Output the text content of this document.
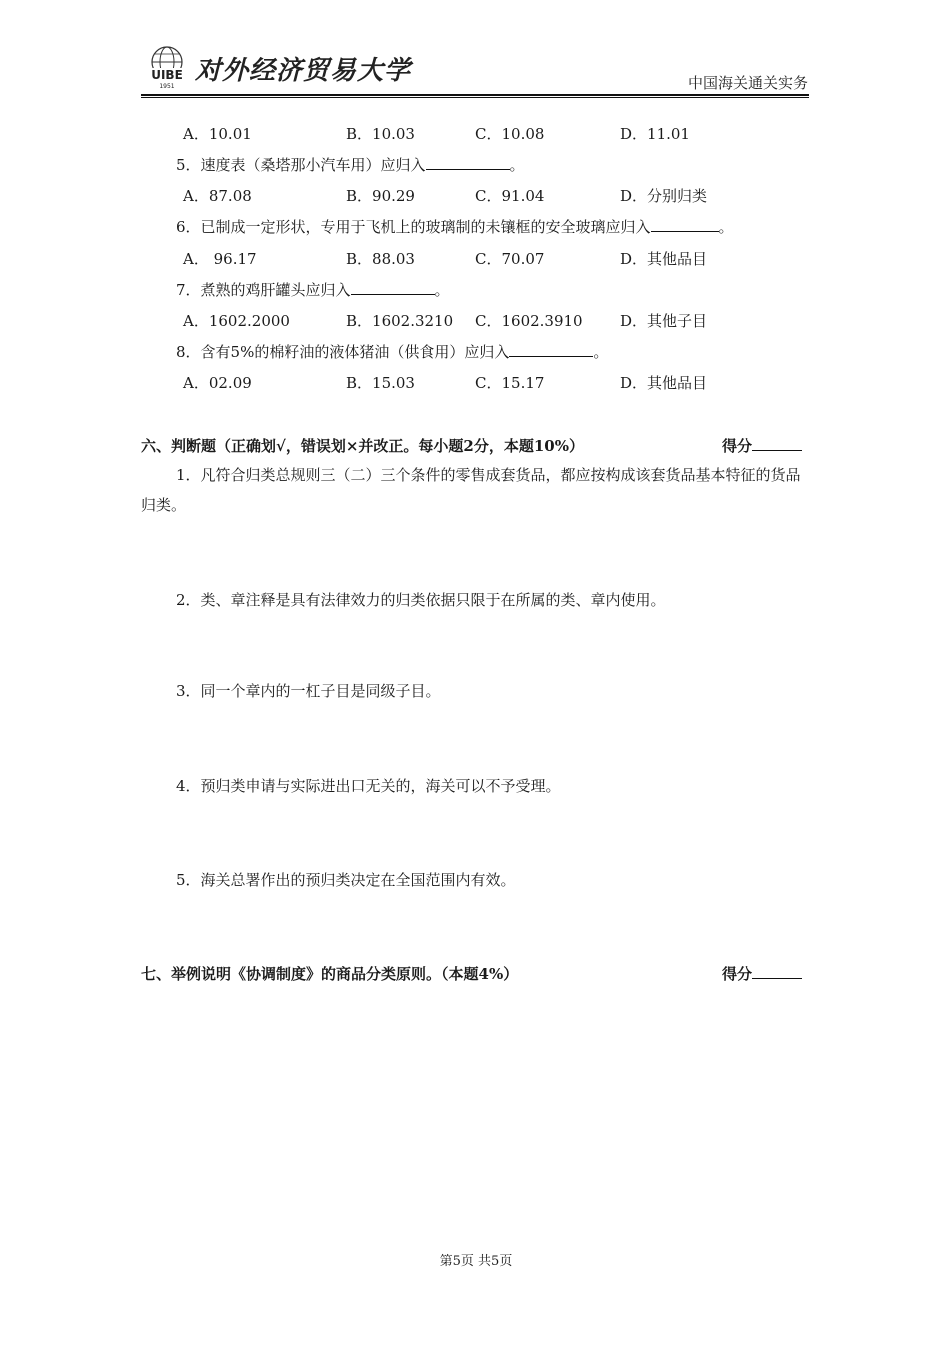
UIBE
1951
对外经济贸易大学	中国海关通关实务
A．10.01	B．10.03	C．10.08	D．11.01
5．速度表（桑塔那小汽车用）应归入	。
A．87.08	B．90.29	C．91.04	D．分别归类
6．已制成一定形状，专用于飞机上的玻璃制的未镶框的安全玻璃应归入	。
A． 96.17	B．88.03	C．70.07	D．其他品目
7．煮熟的鸡肝罐头应归入	。
A．1602.2000	B．1602.3210 C．1602.3910 D．其他子目
8．含有5%的棉籽油的液体猪油（供食用）应归入	。
A．02.09	B．15.03	C．15.17	D．其他品目
六、判断题（正确划√，错误划×并改正。每小题2分，本题10%）	得分
1．凡符合归类总规则三（二）三个条件的零售成套货品，都应按构成该套货品基本特征的货品归类。
2．类、章注释是具有法律效力的归类依据只限于在所属的类、章内使用。
3．同一个章内的一杠子目是同级子目。
4．预归类申请与实际进出口无关的，海关可以不予受理。
5．海关总署作出的预归类决定在全国范围内有效。
七、举例说明《协调制度》的商品分类原则。（本题4%）	得分
第5页 共5页
